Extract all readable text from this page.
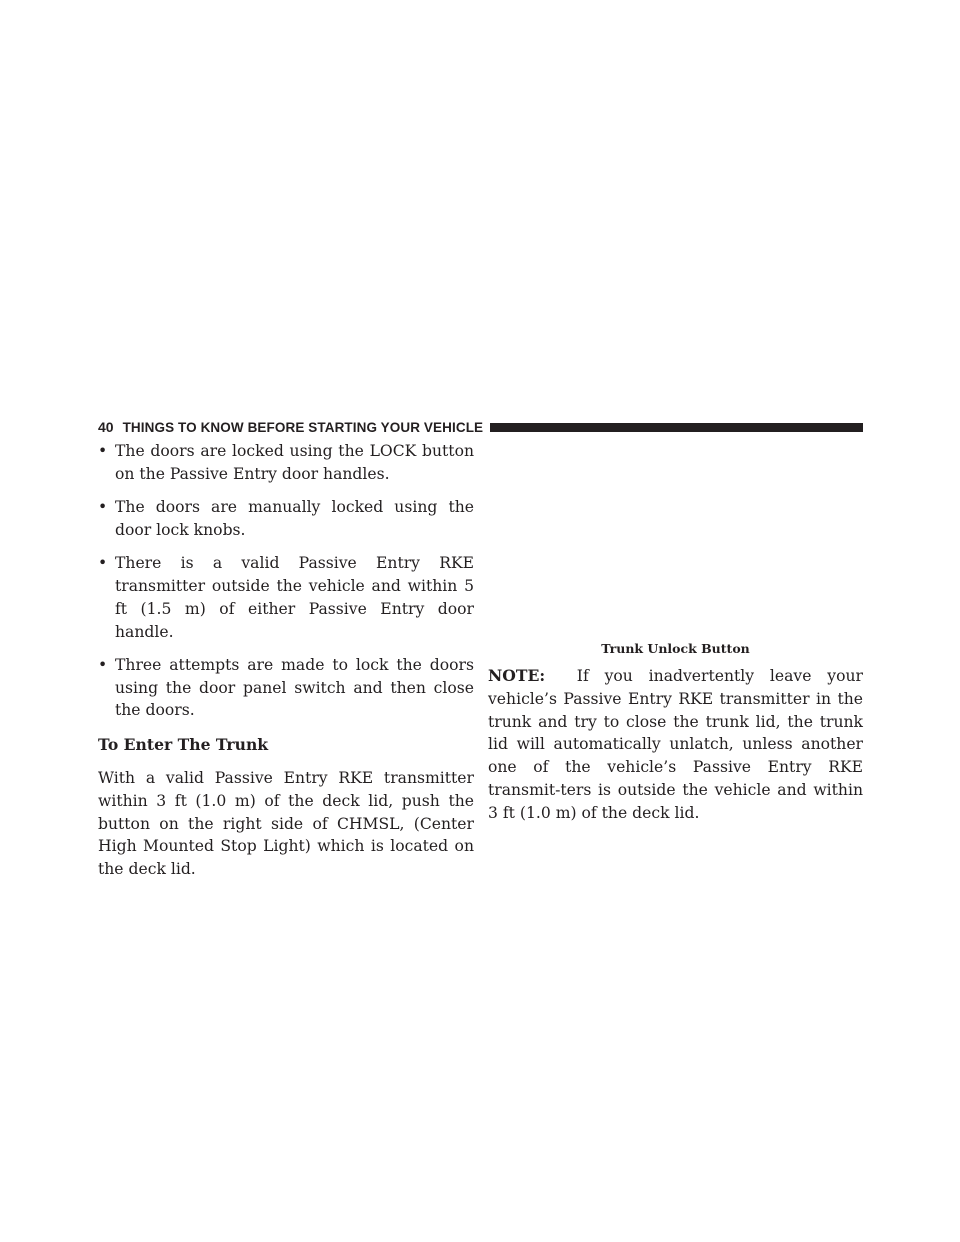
40 THINGS TO KNOW BEFORE STARTING YOUR VEHICLE
• The doors are locked using the LOCK button on the Passive Entry door handles.
• The doors are manually locked using the door lock knobs.
• There is a valid Passive Entry RKE transmitter outside the vehicle and within 5 ft (1.5 m) of either Passive Entry door handle.
• Three attempts are made to lock the doors using the door panel switch and then close the doors.
To Enter The Trunk

With a valid Passive Entry RKE transmitter within 3 ft (1.0 m) of the deck lid, push the button on the right side of CHMSL, (Center High Mounted Stop Light) which is located on the deck lid.

Trunk Unlock Button

NOTE: If you inadvertently leave your vehicle’s Passive Entry RKE transmitter in the trunk and try to close the trunk lid, the trunk lid will automatically unlatch, unless another one of the vehicle’s Passive Entry RKE transmit-ters is outside the vehicle and within 3 ft (1.0 m) of the deck lid.
